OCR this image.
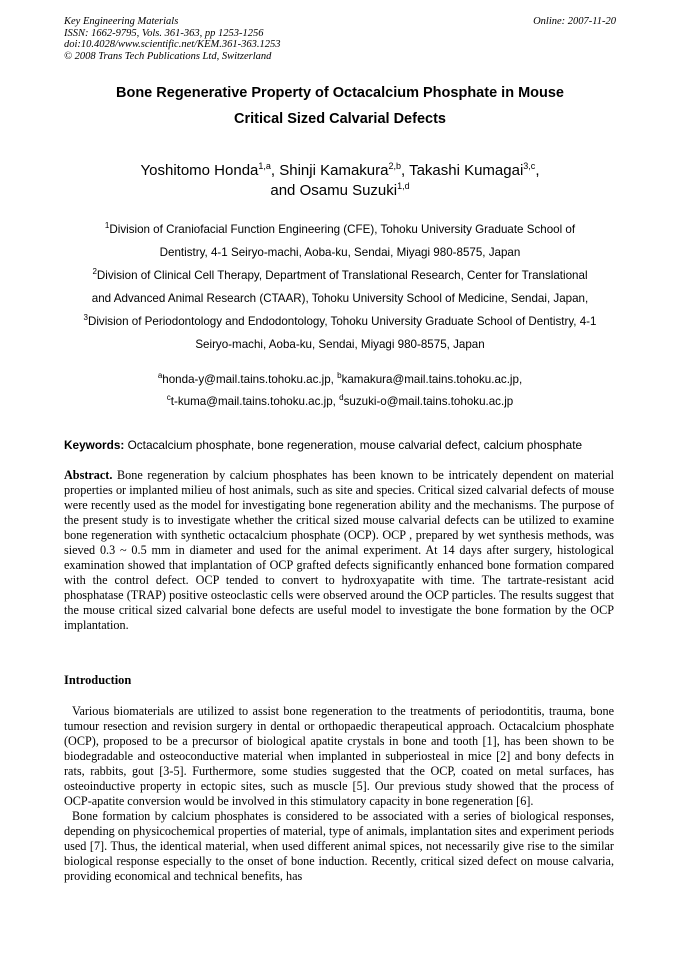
Key Engineering Materials
ISSN: 1662-9795, Vols. 361-363, pp 1253-1256
doi:10.4028/www.scientific.net/KEM.361-363.1253
© 2008 Trans Tech Publications Ltd, Switzerland
Online: 2007-11-20
Bone Regenerative Property of Octacalcium Phosphate in Mouse
Critical Sized Calvarial Defects
Yoshitomo Honda$^{1,a}$, Shinji Kamakura$^{2,b}$, Takashi Kumagai$^{3,c}$,
and Osamu Suzuki$^{1,d}$
$^1$Division of Craniofacial Function Engineering (CFE), Tohoku University Graduate School of
Dentistry, 4-1 Seiryo-machi, Aoba-ku, Sendai, Miyagi 980-8575, Japan
$^2$Division of Clinical Cell Therapy, Department of Translational Research, Center for Translational
and Advanced Animal Research (CTAAR), Tohoku University School of Medicine, Sendai, Japan,
$^3$Division of Periodontology and Endodontology, Tohoku University Graduate School of Dentistry, 4-1
Seiryo-machi, Aoba-ku, Sendai, Miyagi 980-8575, Japan
$^a$honda-y@mail.tains.tohoku.ac.jp, $^b$kamakura@mail.tains.tohoku.ac.jp,
$^c$t-kuma@mail.tains.tohoku.ac.jp, $^d$suzuki-o@mail.tains.tohoku.ac.jp
Keywords: Octacalcium phosphate, bone regeneration, mouse calvarial defect, calcium phosphate
Abstract. Bone regeneration by calcium phosphates has been known to be intricately dependent on material properties or implanted milieu of host animals, such as site and species. Critical sized calvarial defects of mouse were recently used as the model for investigating bone regeneration ability and the mechanisms. The purpose of the present study is to investigate whether the critical sized mouse calvarial defects can be utilized to examine bone regeneration with synthetic octacalcium phosphate (OCP). OCP , prepared by wet synthesis methods, was sieved 0.3 ~ 0.5 mm in diameter and used for the animal experiment. At 14 days after surgery, histological examination showed that implantation of OCP grafted defects significantly enhanced bone formation compared with the control defect. OCP tended to convert to hydroxyapatite with time. The tartrate-resistant acid phosphatase (TRAP) positive osteoclastic cells were observed around the OCP particles. The results suggest that the mouse critical sized calvarial bone defects are useful model to investigate the bone formation by the OCP implantation.
Introduction

Various biomaterials are utilized to assist bone regeneration to the treatments of periodontitis, trauma, bone tumour resection and revision surgery in dental or orthopaedic therapeutical approach. Octacalcium phosphate (OCP), proposed to be a precursor of biological apatite crystals in bone and tooth [1], has been shown to be biodegradable and osteoconductive material when implanted in subperiosteal in mice [2] and bony defects in rats, rabbits, gout [3-5]. Furthermore, some studies suggested that the OCP, coated on metal surfaces, has osteoinductive property in ectopic sites, such as muscle [5]. Our previous study showed that the process of OCP-apatite conversion would be involved in this stimulatory capacity in bone regeneration [6].

Bone formation by calcium phosphates is considered to be associated with a series of biological responses, depending on physicochemical properties of material, type of animals, implantation sites and experiment periods used [7]. Thus, the identical material, when used different animal spices, not necessarily give rise to the similar biological response especially to the onset of bone induction. Recently, critical sized defect on mouse calvaria, providing economical and technical benefits, has
